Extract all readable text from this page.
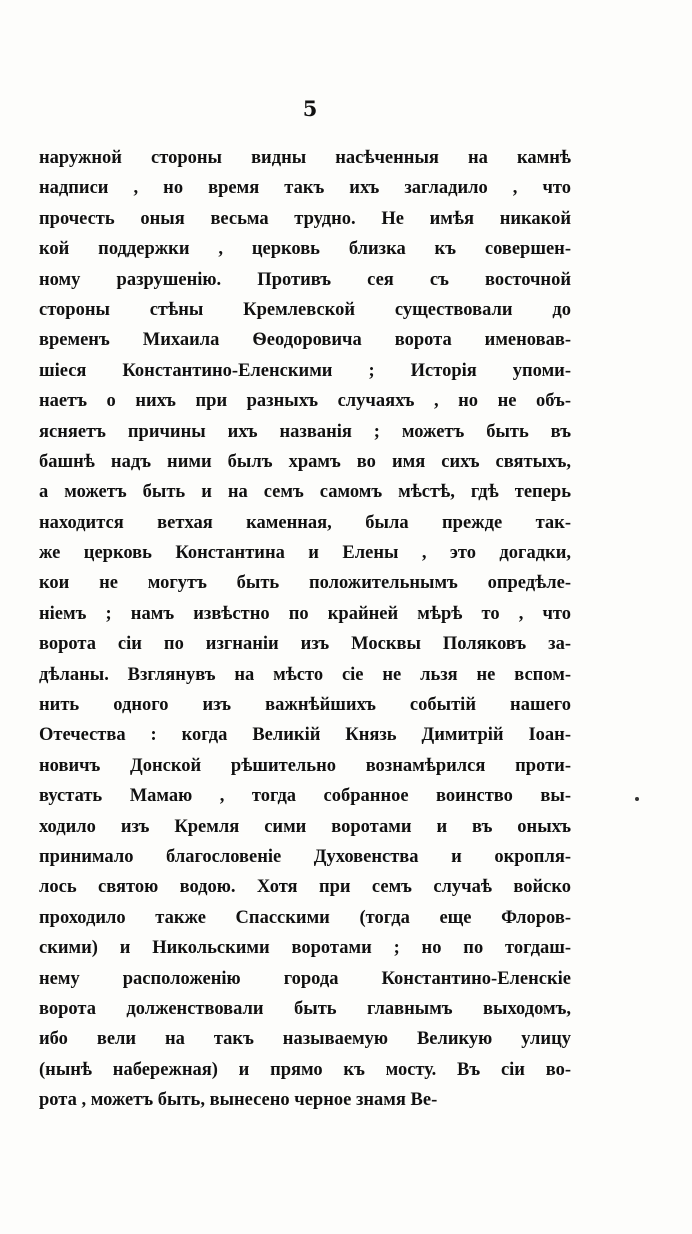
5
наружной стороны видны насѣченныя на камнѣ
надписи , но время такъ ихъ загладило , что
прочесть оныя весьма трудно. Не имѣя никакой
кой поддержки , церковь близка къ совершен-
ному разрушенію. Противъ сея съ восточной
стороны стѣны Кремлевской существовали до
временъ Михаила Ѳеодоровича ворота именовав-
шіеся Константино-Еленскими ; Исторія упоми-
наетъ о нихъ при разныхъ случаяхъ , но не объ-
ясняетъ причины ихъ названія ; можетъ быть въ
башнѣ надъ ними былъ храмъ во имя сихъ святыхъ,
а можетъ быть и на семъ самомъ мѣстѣ, гдѣ теперь
находится ветхая каменная, была прежде так-
же церковь Константина и Елены , это догадки,
кои не могутъ быть положительнымъ опредѣле-
ніемъ ; намъ извѣстно по крайней мѣрѣ то , что
ворота сіи по изгнаніи изъ Москвы Поляковъ за-
дѣланы. Взглянувъ на мѣсто сіе не льзя не вспом-
нить одного изъ важнѣйшихъ событій нашего
Отечества : когда Великій Князь Димитрій Іоан-
новичъ Донской рѣшительно вознамѣрился проти-
вустать Мамаю , тогда собранное воинство вы-
ходило изъ Кремля сими воротами и въ оныхъ
принимало благословеніе Духовенства и окропля-
лось святою водою. Хотя при семъ случаѣ войско
проходило также Спасскими (тогда еще Флоров-
скими) и Никольскими воротами ; но по тогдаш-
нему расположенію города Константино-Еленскіе
ворота долженствовали быть главнымъ выходомъ,
ибо вели на такъ называемую Великую улицу
(нынѣ набережная) и прямо къ мосту. Въ сіи во-
рота , можетъ быть, вынесено черное знамя Ве-
